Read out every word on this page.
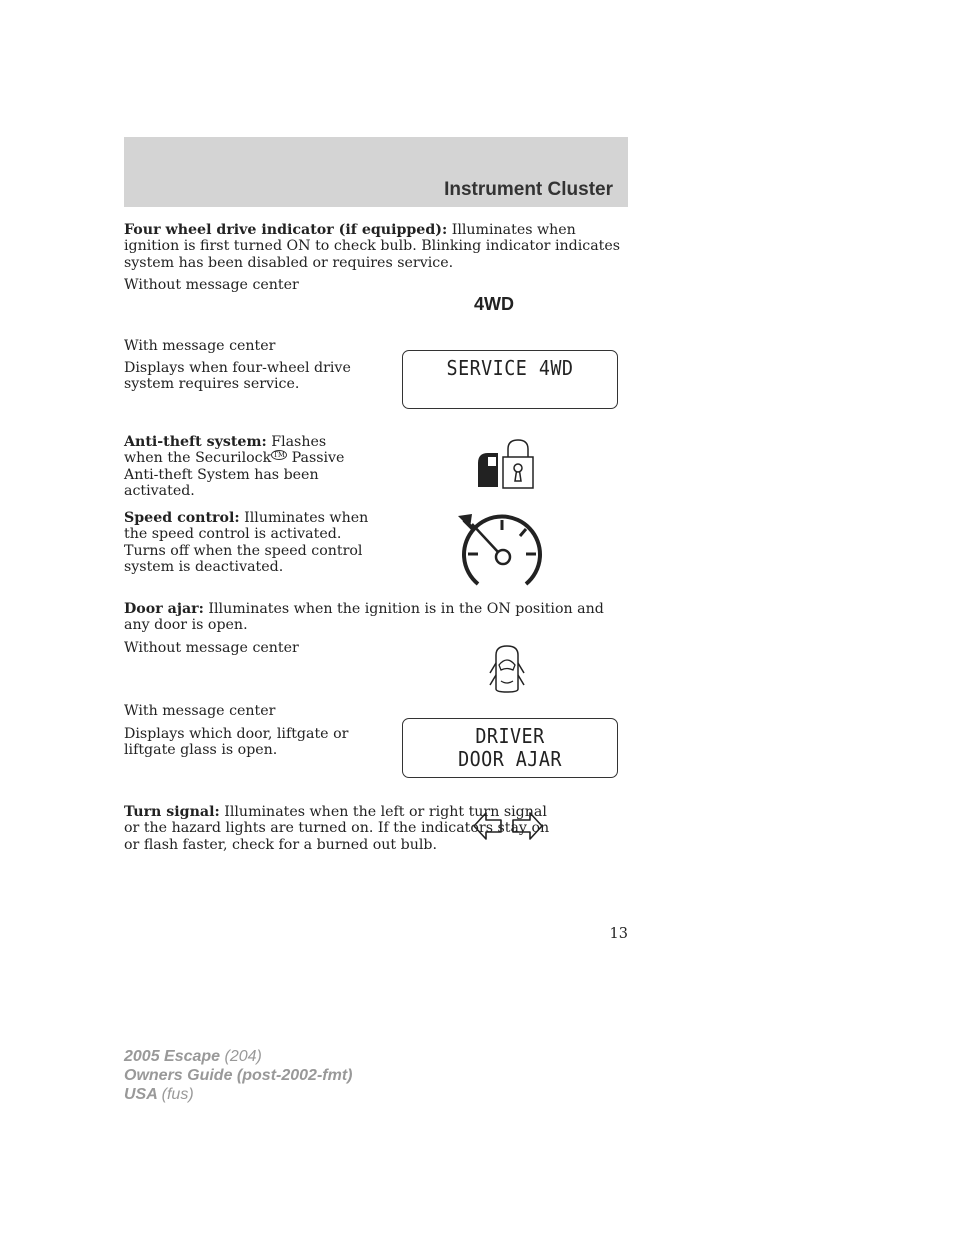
Instrument Cluster

Four wheel drive indicator (if equipped): Illuminates when ignition is first turned ON to check bulb. Blinking indicator indicates system has been disabled or requires service.

Without message center

4WD

With message center

Displays when four-wheel drive system requires service.

SERVICE 4WD

Anti-theft system: Flashes when the Securilock ™ Passive Anti-theft System has been activated.

Speed control: Illuminates when the speed control is activated. Turns off when the speed control system is deactivated.

Door ajar: Illuminates when the ignition is in the ON position and any door is open.

Without message center

With message center

Displays which door, liftgate or liftgate glass is open.

DRIVER
DOOR AJAR

Turn signal: Illuminates when the left or right turn signal or the hazard lights are turned on. If the indicators stay on or flash faster, check for a burned out bulb.

13
2005 Escape (204)
Owners Guide (post-2002-fmt)
USA (fus)
